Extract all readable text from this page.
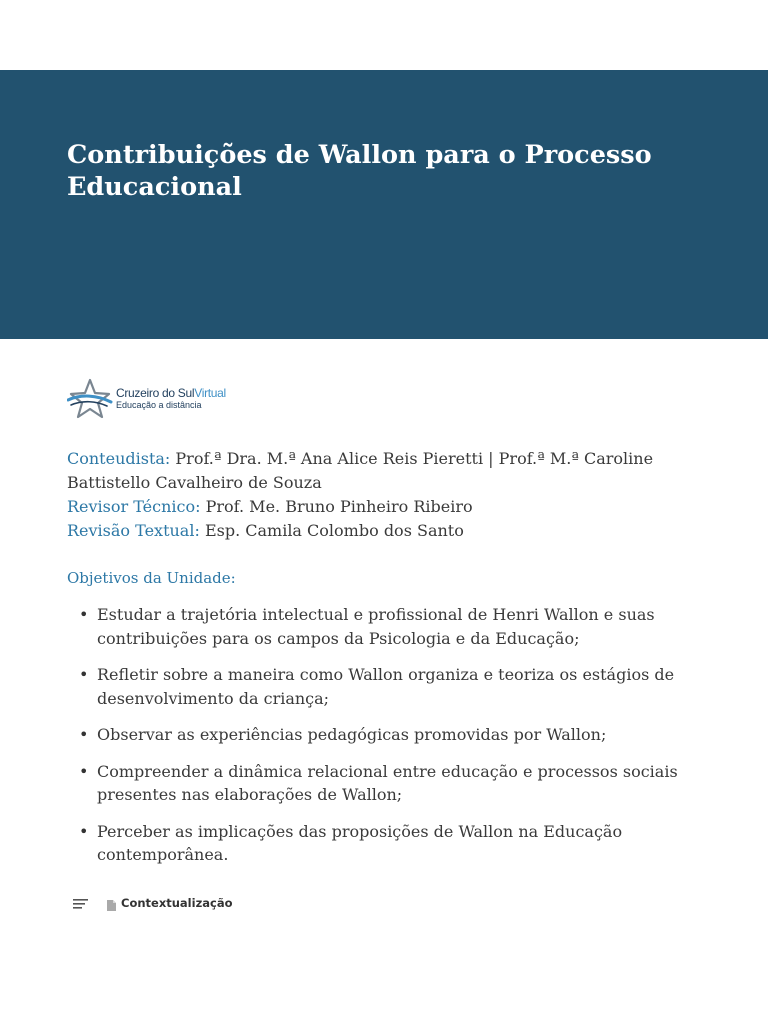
Contribuições de Wallon para o Processo Educacional
Cruzeiro do SulVirtual
Educação a distância

Conteudista: Prof.ª Dra. M.ª Ana Alice Reis Pieretti | Prof.ª M.ª Caroline Battistello Cavalheiro de Souza

Revisor Técnico: Prof. Me. Bruno Pinheiro Ribeiro

Revisão Textual: Esp. Camila Colombo dos Santo

Objetivos da Unidade:
• Estudar a trajetória intelectual e profissional de Henri Wallon e suas contribuições para os campos da Psicologia e da Educação;
• Refletir sobre a maneira como Wallon organiza e teoriza os estágios de desenvolvimento da criança;
• Observar as experiências pedagógicas promovidas por Wallon;
• Compreender a dinâmica relacional entre educação e processos sociais presentes nas elaborações de Wallon;
• Perceber as implicações das proposições de Wallon na Educação contemporânea.
Contextualização
